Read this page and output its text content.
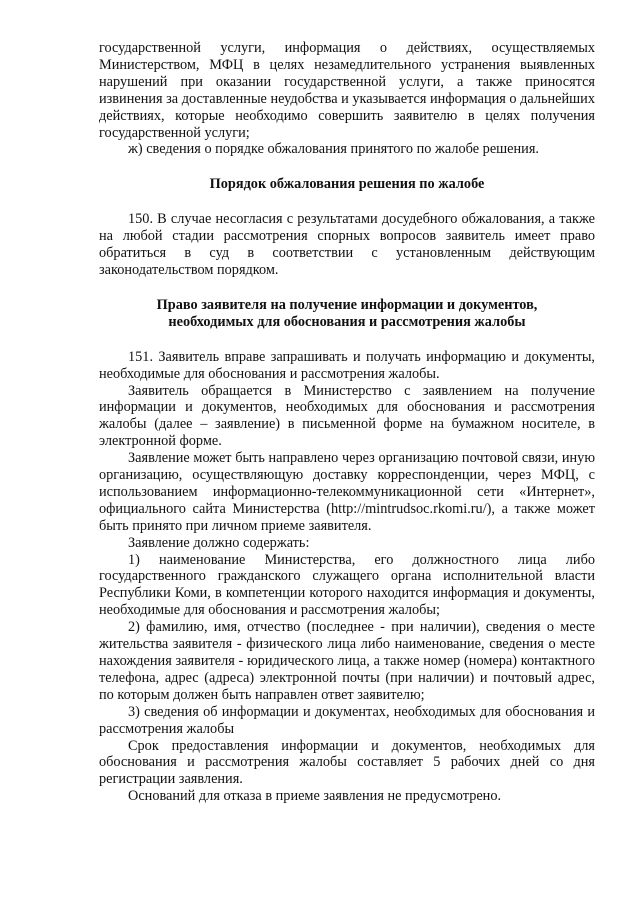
государственной услуги, информация о действиях, осуществляемых Министерством, МФЦ в целях незамедлительного устранения выявленных нарушений при оказании государственной услуги, а также приносятся извинения за доставленные неудобства и указывается информация о дальнейших действиях, которые необходимо совершить заявителю в целях получения государственной услуги;

ж) сведения о порядке обжалования принятого по жалобе решения.

Порядок обжалования решения по жалобе

150. В случае несогласия с результатами досудебного обжалования, а также на любой стадии рассмотрения спорных вопросов заявитель имеет право обратиться в суд в соответствии с установленным действующим законодательством порядком.

Право заявителя на получение информации и документов,
необходимых для обоснования и рассмотрения жалобы

151. Заявитель вправе запрашивать и получать информацию и документы, необходимые для обоснования и рассмотрения жалобы.

Заявитель обращается в Министерство с заявлением на получение информации и документов, необходимых для обоснования и рассмотрения жалобы (далее – заявление) в письменной форме на бумажном носителе, в электронной форме.

Заявление может быть направлено через организацию почтовой связи, иную организацию, осуществляющую доставку корреспонденции, через МФЦ, с использованием информационно-телекоммуникационной сети «Интернет», официального сайта Министерства (http://mintrudsoc.rkomi.ru/), а также может быть принято при личном приеме заявителя.

Заявление должно содержать:

1) наименование Министерства, его должностного лица либо государственного гражданского служащего органа исполнительной власти Республики Коми, в компетенции которого находится информация и документы, необходимые для обоснования и рассмотрения жалобы;

2) фамилию, имя, отчество (последнее - при наличии), сведения о месте жительства заявителя - физического лица либо наименование, сведения о месте нахождения заявителя - юридического лица, а также номер (номера) контактного телефона, адрес (адреса) электронной почты (при наличии) и почтовый адрес, по которым должен быть направлен ответ заявителю;

3) сведения об информации и документах, необходимых для обоснования и рассмотрения жалобы

Срок предоставления информации и документов, необходимых для обоснования и рассмотрения жалобы составляет 5 рабочих дней со дня регистрации заявления.

Оснований для отказа в приеме заявления не предусмотрено.
